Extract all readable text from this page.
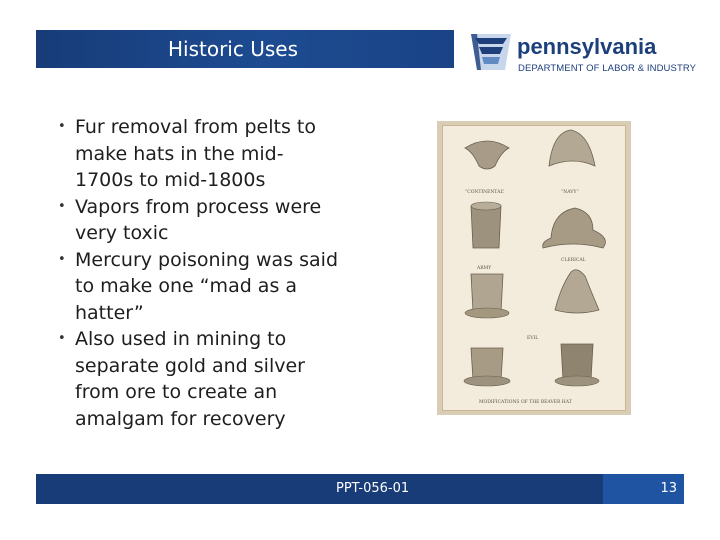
Historic Uses	pennsylvania
DEPARTMENT OF LABOR & INDUSTRY
• Fur removal from pelts to
make hats in the mid-
1700s to mid-1800s
• Vapors from process were
very toxic
• Mercury poisoning was said
to make one “mad as a
hatter”
• Also used in mining to
separate gold and silver
from ore to create an
amalgam for recovery
“CONTINENTAL”	“NAVY”
ARMY
CLERICAL
EVIL
MODIFICATIONS OF THE BEAVER HAT
PPT-056-01	13
